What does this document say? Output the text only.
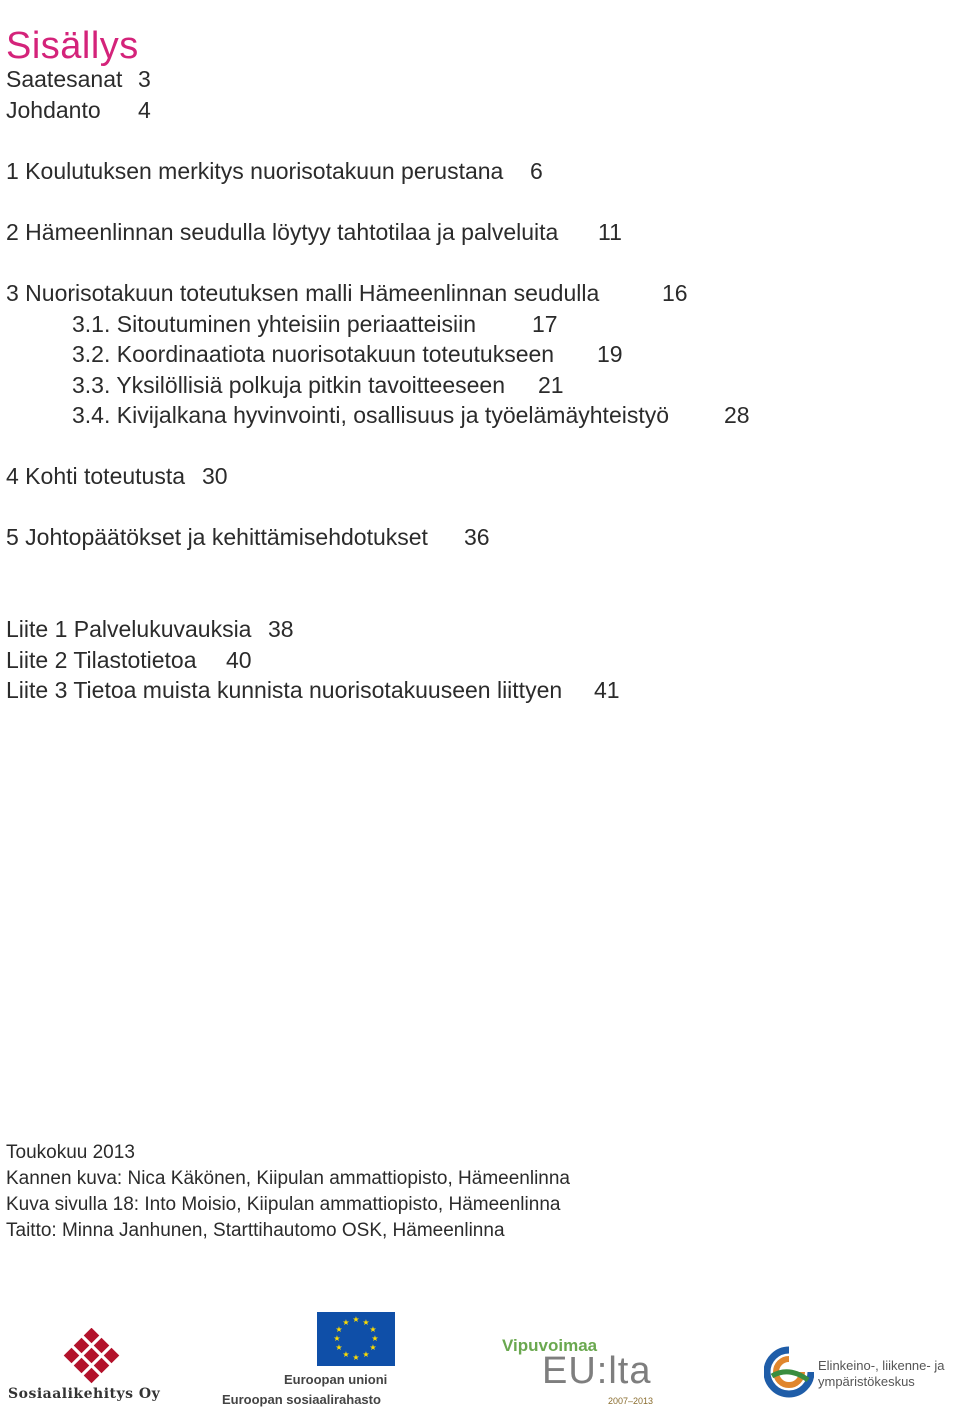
Sisällys
Saatesanat 3
Johdanto 4
1 Koulutuksen merkitys nuorisotakuun perustana 6
2 Hämeenlinnan seudulla löytyy tahtotilaa ja palveluita 11
3 Nuorisotakuun toteutuksen malli Hämeenlinnan seudulla	16
3.1. Sitoutuminen yhteisiin periaatteisiin 17
3.2. Koordinaatiota nuorisotakuun toteutukseen 19
3.3. Yksilöllisiä polkuja pitkin tavoitteeseen 21
3.4. Kivijalkana hyvinvointi, osallisuus ja työelämäyhteistyö 28
4 Kohti toteutusta 30
5 Johtopäätökset ja kehittämisehdotukset 36
Liite 1 Palvelukuvauksia 38
Liite 2 Tilastotietoa 40
Liite 3 Tietoa muista kunnista nuorisotakuuseen liittyen 41
Toukokuu 2013
Kannen kuva: Nica Käkönen, Kiipulan ammattiopisto, Hämeenlinna
Kuva sivulla 18: Into Moisio, Kiipulan ammattiopisto, Hämeenlinna
Taitto: Minna Janhunen, Starttihautomo OSK, Hämeenlinna
Sosiaalikehitys Oy
★ ★
★
★
★
★
★
★
★
★
★
★
Euroopan unioni
Euroopan sosiaalirahasto
Vipuvoimaa
EU:lta
2007–2013
Elinkeino-, liikenne- ja
ympäristökeskus
